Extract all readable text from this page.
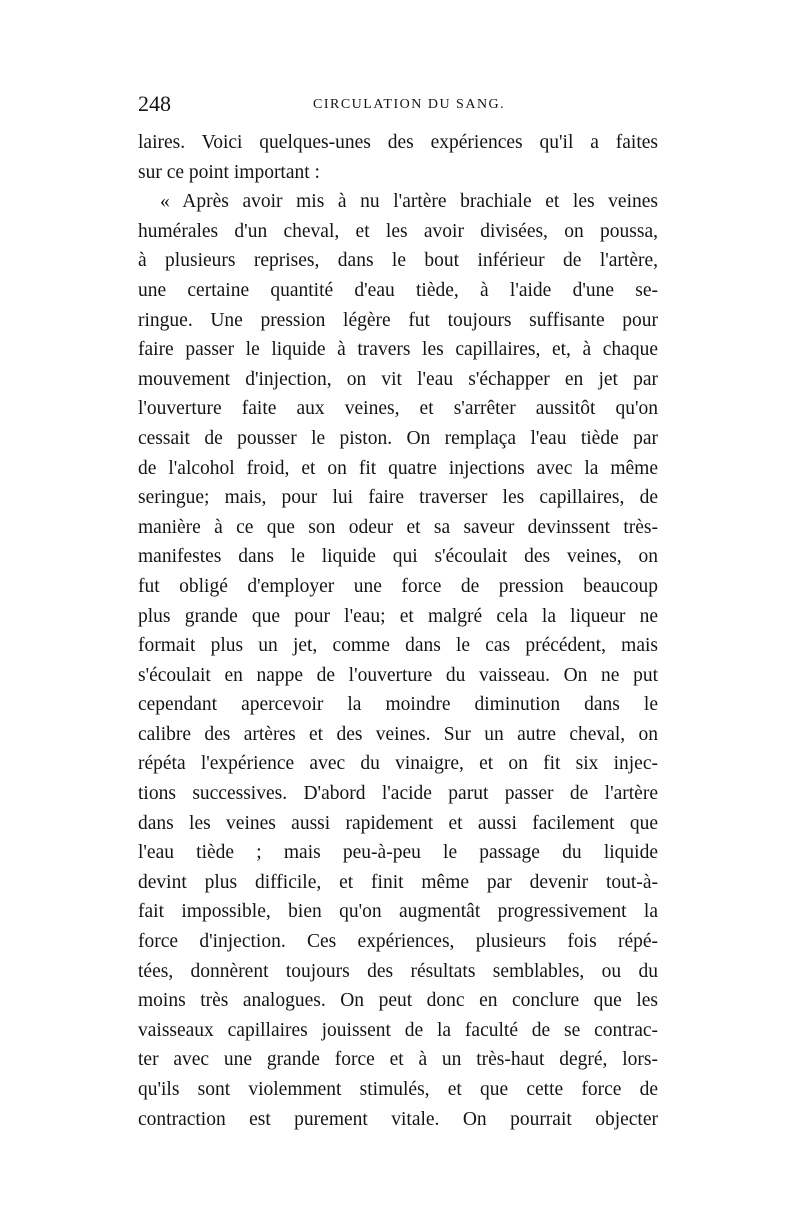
248	CIRCULATION DU SANG.
laires. Voici quelques-unes des expériences qu'il a faites
sur ce point important :
« Après avoir mis à nu l'artère brachiale et les veines
humérales d'un cheval, et les avoir divisées, on poussa,
à plusieurs reprises, dans le bout inférieur de l'artère,
une certaine quantité d'eau tiède, à l'aide d'une se-
ringue. Une pression légère fut toujours suffisante pour
faire passer le liquide à travers les capillaires, et, à chaque
mouvement d'injection, on vit l'eau s'échapper en jet par
l'ouverture faite aux veines, et s'arrêter aussitôt qu'on
cessait de pousser le piston. On remplaça l'eau tiède par
de l'alcohol froid, et on fit quatre injections avec la même
seringue; mais, pour lui faire traverser les capillaires, de
manière à ce que son odeur et sa saveur devinssent très-
manifestes dans le liquide qui s'écoulait des veines, on
fut obligé d'employer une force de pression beaucoup
plus grande que pour l'eau; et malgré cela la liqueur ne
formait plus un jet, comme dans le cas précédent, mais
s'écoulait en nappe de l'ouverture du vaisseau. On ne put
cependant apercevoir la moindre diminution dans le
calibre des artères et des veines. Sur un autre cheval, on
répéta l'expérience avec du vinaigre, et on fit six injec-
tions successives. D'abord l'acide parut passer de l'artère
dans les veines aussi rapidement et aussi facilement que
l'eau tiède ; mais peu-à-peu le passage du liquide
devint plus difficile, et finit même par devenir tout-à-
fait impossible, bien qu'on augmentât progressivement la
force d'injection. Ces expériences, plusieurs fois répé-
tées, donnèrent toujours des résultats semblables, ou du
moins très analogues. On peut donc en conclure que les
vaisseaux capillaires jouissent de la faculté de se contrac-
ter avec une grande force et à un très-haut degré, lors-
qu'ils sont violemment stimulés, et que cette force de
contraction est purement vitale. On pourrait objecter
